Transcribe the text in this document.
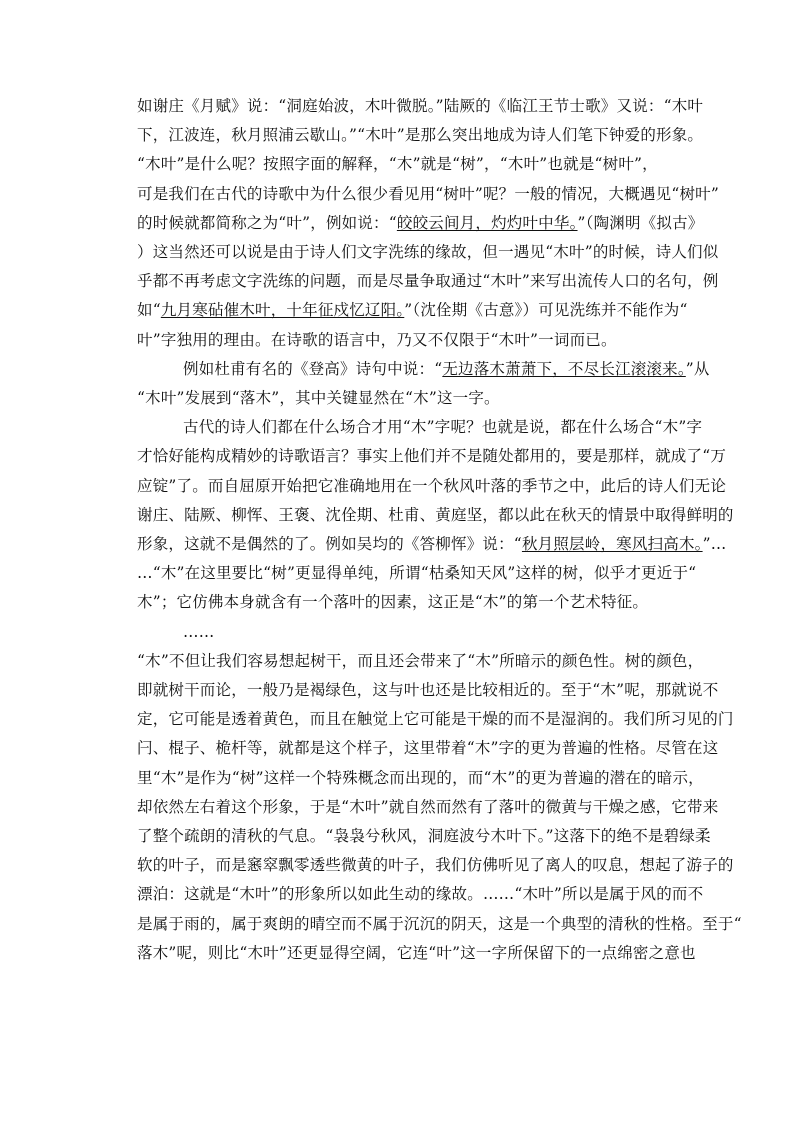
如谢庄《月赋》说：“洞庭始波，木叶微脱。”陆厥的《临江王节士歌》又说：“木叶
下，江波连，秋月照浦云歇山。”“木叶”是那么突出地成为诗人们笔下钟爱的形象。
“木叶”是什么呢？按照字面的解释，“木”就是“树”，“木叶”也就是“树叶”，
可是我们在古代的诗歌中为什么很少看见用“树叶”呢？一般的情况，大概遇见“树叶”
的时候就都简称之为“叶”，例如说：“皎皎云间月，灼灼叶中华。”（陶渊明《拟古》
）这当然还可以说是由于诗人们文字洗练的缘故，但一遇见“木叶”的时候，诗人们似
乎都不再考虑文字洗练的问题，而是尽量争取通过“木叶”来写出流传人口的名句，例
如“九月寒砧催木叶，十年征戍忆辽阳。”（沈佺期《古意》）可见洗练并不能作为“
叶”字独用的理由。在诗歌的语言中，乃又不仅限于“木叶”一词而已。
例如杜甫有名的《登高》诗句中说：“无边落木萧萧下，不尽长江滚滚来。”从
“木叶”发展到“落木”，其中关键显然在“木”这一字。
古代的诗人们都在什么场合才用“木”字呢？也就是说，都在什么场合“木”字
才恰好能构成精妙的诗歌语言？事实上他们并不是随处都用的，要是那样，就成了“万
应锭”了。而自屈原开始把它准确地用在一个秋风叶落的季节之中，此后的诗人们无论
谢庄、陆厥、柳恽、王褒、沈佺期、杜甫、黄庭坚，都以此在秋天的情景中取得鲜明的
形象，这就不是偶然的了。例如吴均的《答柳恽》说：“秋月照层岭，寒风扫高木。”…
…“木”在这里要比“树”更显得单纯，所谓“枯桑知天风”这样的树，似乎才更近于“
木”；它仿佛本身就含有一个落叶的因素，这正是“木”的第一个艺术特征。
……
“木”不但让我们容易想起树干，而且还会带来了“木”所暗示的颜色性。树的颜色，
即就树干而论，一般乃是褐绿色，这与叶也还是比较相近的。至于“木”呢，那就说不
定，它可能是透着黄色，而且在触觉上它可能是干燥的而不是湿润的。我们所习见的门
闩、棍子、桅杆等，就都是这个样子，这里带着“木”字的更为普遍的性格。尽管在这
里“木”是作为“树”这样一个特殊概念而出现的，而“木”的更为普遍的潜在的暗示，
却依然左右着这个形象，于是“木叶”就自然而然有了落叶的微黄与干燥之感，它带来
了整个疏朗的清秋的气息。“袅袅兮秋风，洞庭波兮木叶下。”这落下的绝不是碧绿柔
软的叶子，而是窸窣飘零透些微黄的叶子，我们仿佛听见了离人的叹息，想起了游子的
漂泊：这就是“木叶”的形象所以如此生动的缘故。……“木叶”所以是属于风的而不
是属于雨的，属于爽朗的晴空而不属于沉沉的阴天，这是一个典型的清秋的性格。至于“
落木”呢，则比“木叶”还更显得空阔，它连“叶”这一字所保留下的一点绵密之意也
